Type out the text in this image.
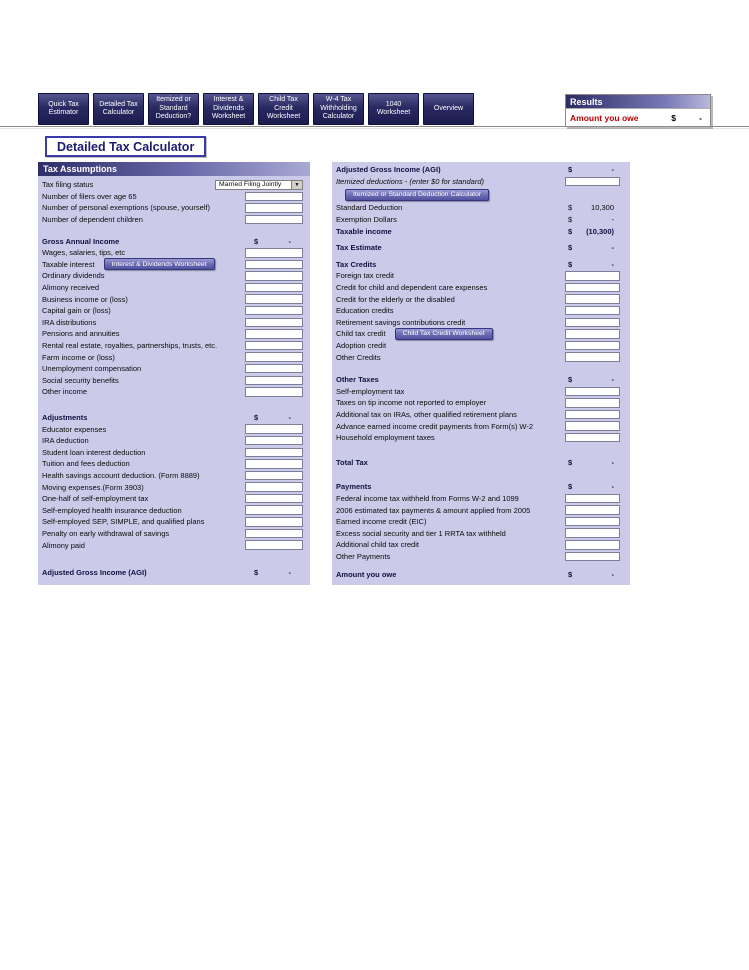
Quick Tax Estimator
Detailed Tax Calculator
Itemized or Standard Deduction?
Interest & Dividends Worksheet
Child Tax Credit Worksheet
W-4 Tax Withholding Calculator
1040 Worksheet
Overview
Results
Amount you owe	$	-
Detailed Tax Calculator
Tax Assumptions
Tax filing status	Married Filing Jointly	▼
Number of filers over age 65
Number of personal exemptions (spouse, yourself)
Number of dependent children
Gross Annual Income	$	-
Wages, salaries, tips, etc
Taxable interest	Interest & Dividends Worksheet
Ordinary dividends
Alimony received
Business income or (loss)
Capital gain or (loss)
IRA distributions
Pensions and annuities
Rental real estate, royalties, partnerships, trusts, etc.
Farm income or (loss)
Unemployment compensation
Social security benefits
Other income
Adjustments	$	-
Educator expenses
IRA deduction
Student loan interest deduction
Tuition and fees deduction
Health savings account deduction. (Form 8889)
Moving expenses.(Form 3903)
One-half of self-employment tax
Self-employed health insurance deduction
Self-employed SEP, SIMPLE, and qualified plans
Penalty on early withdrawal of savings
Alimony paid
Adjusted Gross Income (AGI)	$	-
Adjusted Gross Income (AGI)	$	-
Itemized deductions - (enter $0 for standard)
Itemized or Standard Deduction Calculator
Standard Deduction	$	10,300
Exemption Dollars	$	-
Taxable income	$ (10,300)
Tax Estimate	$	-
Tax Credits	$	-
Foreign tax credit
Credit for child and dependent care expenses
Credit for the elderly or the disabled
Education credits
Retirement savings contributions credit
Child tax credit	Child Tax Credit Worksheet
Adoption credit
Other Credits
Other Taxes	$	-
Self-employment tax
Taxes on tip income not reported to employer
Additional tax on IRAs, other qualified retirement plans
Advance earned income credit payments from Form(s) W-2
Household employment taxes
Total Tax	$	-
Payments	$	-
Federal income tax withheld from Forms W-2 and 1099
2006 estimated tax payments & amount applied from 2005
Earned income credit (EIC)
Excess social security and tier 1 RRTA tax withheld
Additional child tax credit
Other Payments
Amount you owe	$	-
